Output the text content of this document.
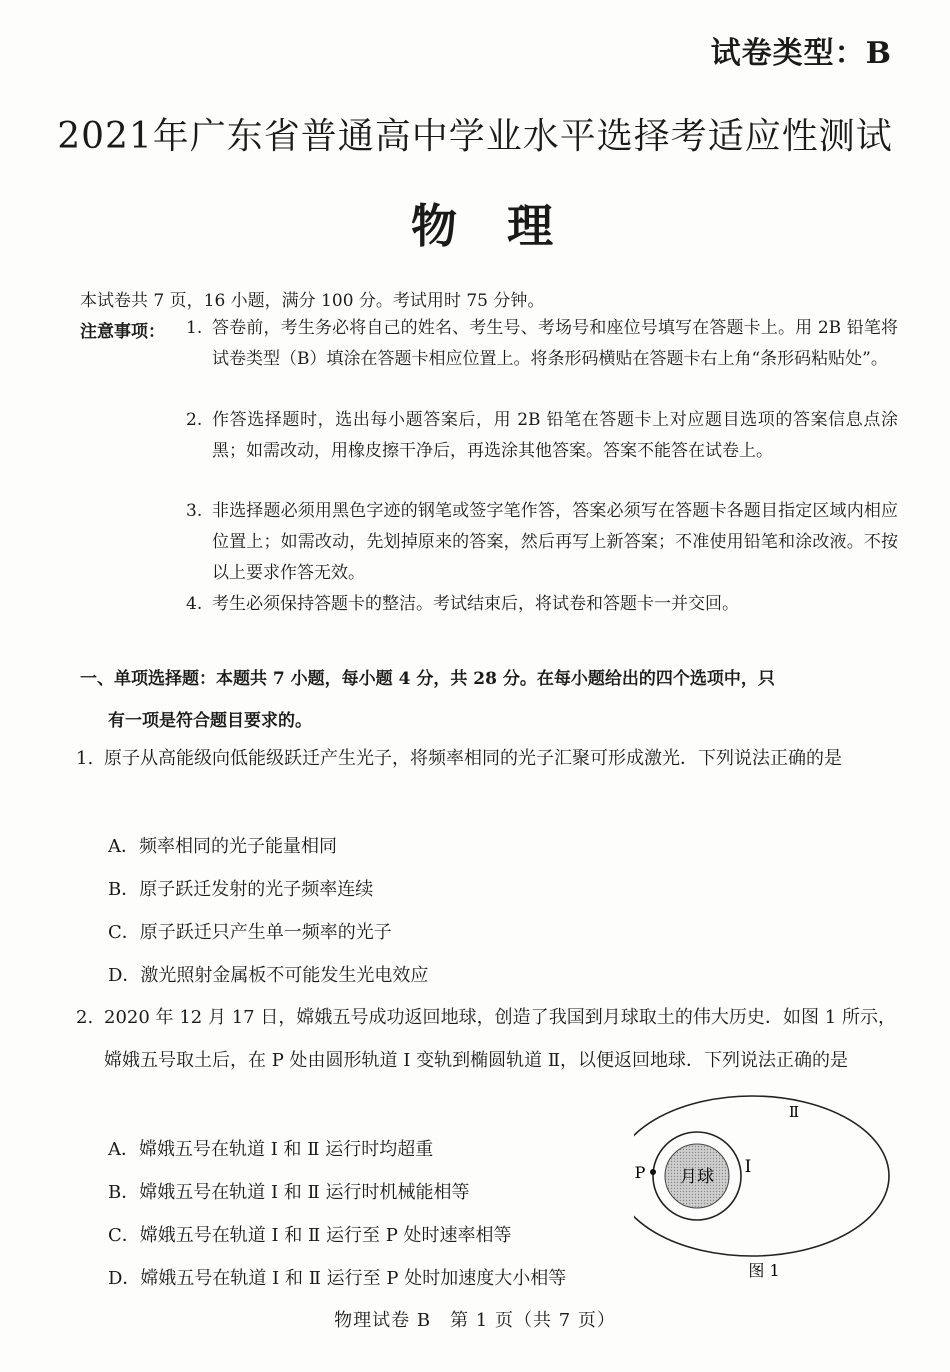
试卷类型：B
2021年广东省普通高中学业水平选择考适应性测试
物 理
本试卷共 7 页，16 小题，满分 100 分。考试用时 75 分钟。
注意事项： 1. 答卷前，考生务必将自己的姓名、考生号、考场号和座位号填写在答题卡上。用 2B 铅笔将试卷类型（B）填涂在答题卡相应位置上。将条形码横贴在答题卡右上角“条形码粘贴处”。
2. 作答选择题时，选出每小题答案后，用 2B 铅笔在答题卡上对应题目选项的答案信息点涂黑；如需改动，用橡皮擦干净后，再选涂其他答案。答案不能答在试卷上。
3. 非选择题必须用黑色字迹的钢笔或签字笔作答，答案必须写在答题卡各题目指定区域内相应位置上；如需改动，先划掉原来的答案，然后再写上新答案；不准使用铅笔和涂改液。不按以上要求作答无效。
4. 考生必须保持答题卡的整洁。考试结束后，将试卷和答题卡一并交回。
一、单项选择题：本题共 7 小题，每小题 4 分，共 28 分。在每小题给出的四个选项中，只
有一项是符合题目要求的。
1. 原子从高能级向低能级跃迁产生光子，将频率相同的光子汇聚可形成激光．下列说法正确的是
A．频率相同的光子能量相同
B．原子跃迁发射的光子频率连续
C．原子跃迁只产生单一频率的光子
D．激光照射金属板不可能发生光电效应
2. 2020 年 12 月 17 日，嫦娥五号成功返回地球，创造了我国到月球取土的伟大历史．如图 1 所示，嫦娥五号取土后，在 P 处由圆形轨道 Ⅰ 变轨到椭圆轨道 Ⅱ，以便返回地球．下列说法正确的是
A．嫦娥五号在轨道 Ⅰ 和 Ⅱ 运行时均超重
B．嫦娥五号在轨道 Ⅰ 和 Ⅱ 运行时机械能相等
C．嫦娥五号在轨道 Ⅰ 和 Ⅱ 运行至 P 处时速率相等
D．嫦娥五号在轨道 Ⅰ 和 Ⅱ 运行至 P 处时加速度大小相等
月球
P	Ⅰ
Ⅱ
图 1
物理试卷 B　第 1 页（共 7 页）
